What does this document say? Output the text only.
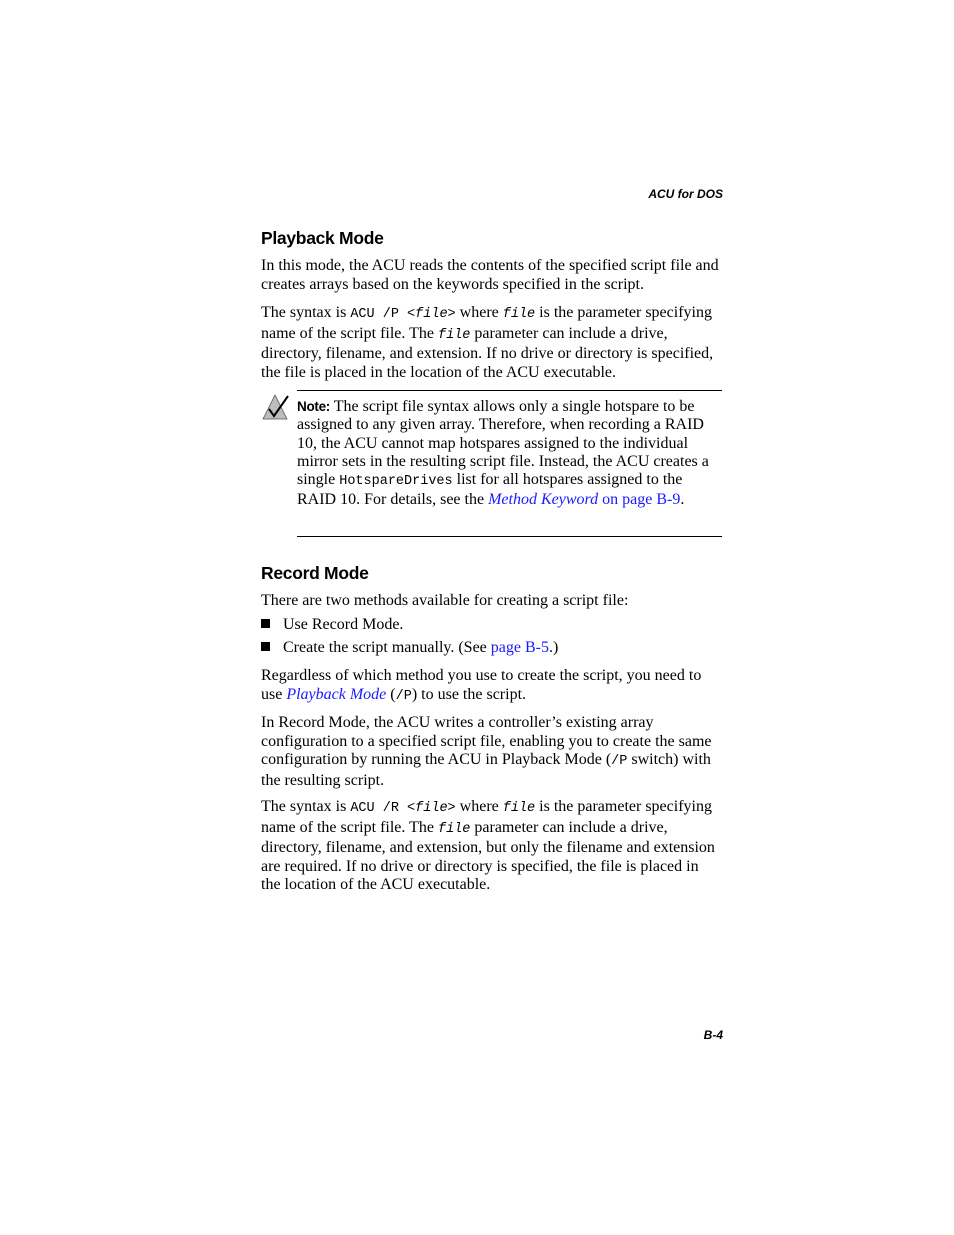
ACU for DOS
Playback Mode

In this mode, the ACU reads the contents of the specified script file and creates arrays based on the keywords specified in the script.

The syntax is ACU /P <file> where file is the parameter specifying name of the script file. The file parameter can include a drive, directory, filename, and extension. If no drive or directory is specified, the file is placed in the location of the ACU executable.

Note: The script file syntax allows only a single hotspare to be assigned to any given array. Therefore, when recording a RAID 10, the ACU cannot map hotspares assigned to the individual mirror sets in the resulting script file. Instead, the ACU creates a single HotspareDrives list for all hotspares assigned to the RAID 10. For details, see the Method Keyword on page B-9.

Record Mode

There are two methods available for creating a script file:

Use Record Mode.
Create the script manually. (See page B-5.)

Regardless of which method you use to create the script, you need to use Playback Mode (/P) to use the script.

In Record Mode, the ACU writes a controller’s existing array configuration to a specified script file, enabling you to create the same configuration by running the ACU in Playback Mode (/P switch) with the resulting script.

The syntax is ACU /R <file> where file is the parameter specifying name of the script file. The file parameter can include a drive, directory, filename, and extension, but only the filename and extension are required. If no drive or directory is specified, the file is placed in the location of the ACU executable.

B-4
